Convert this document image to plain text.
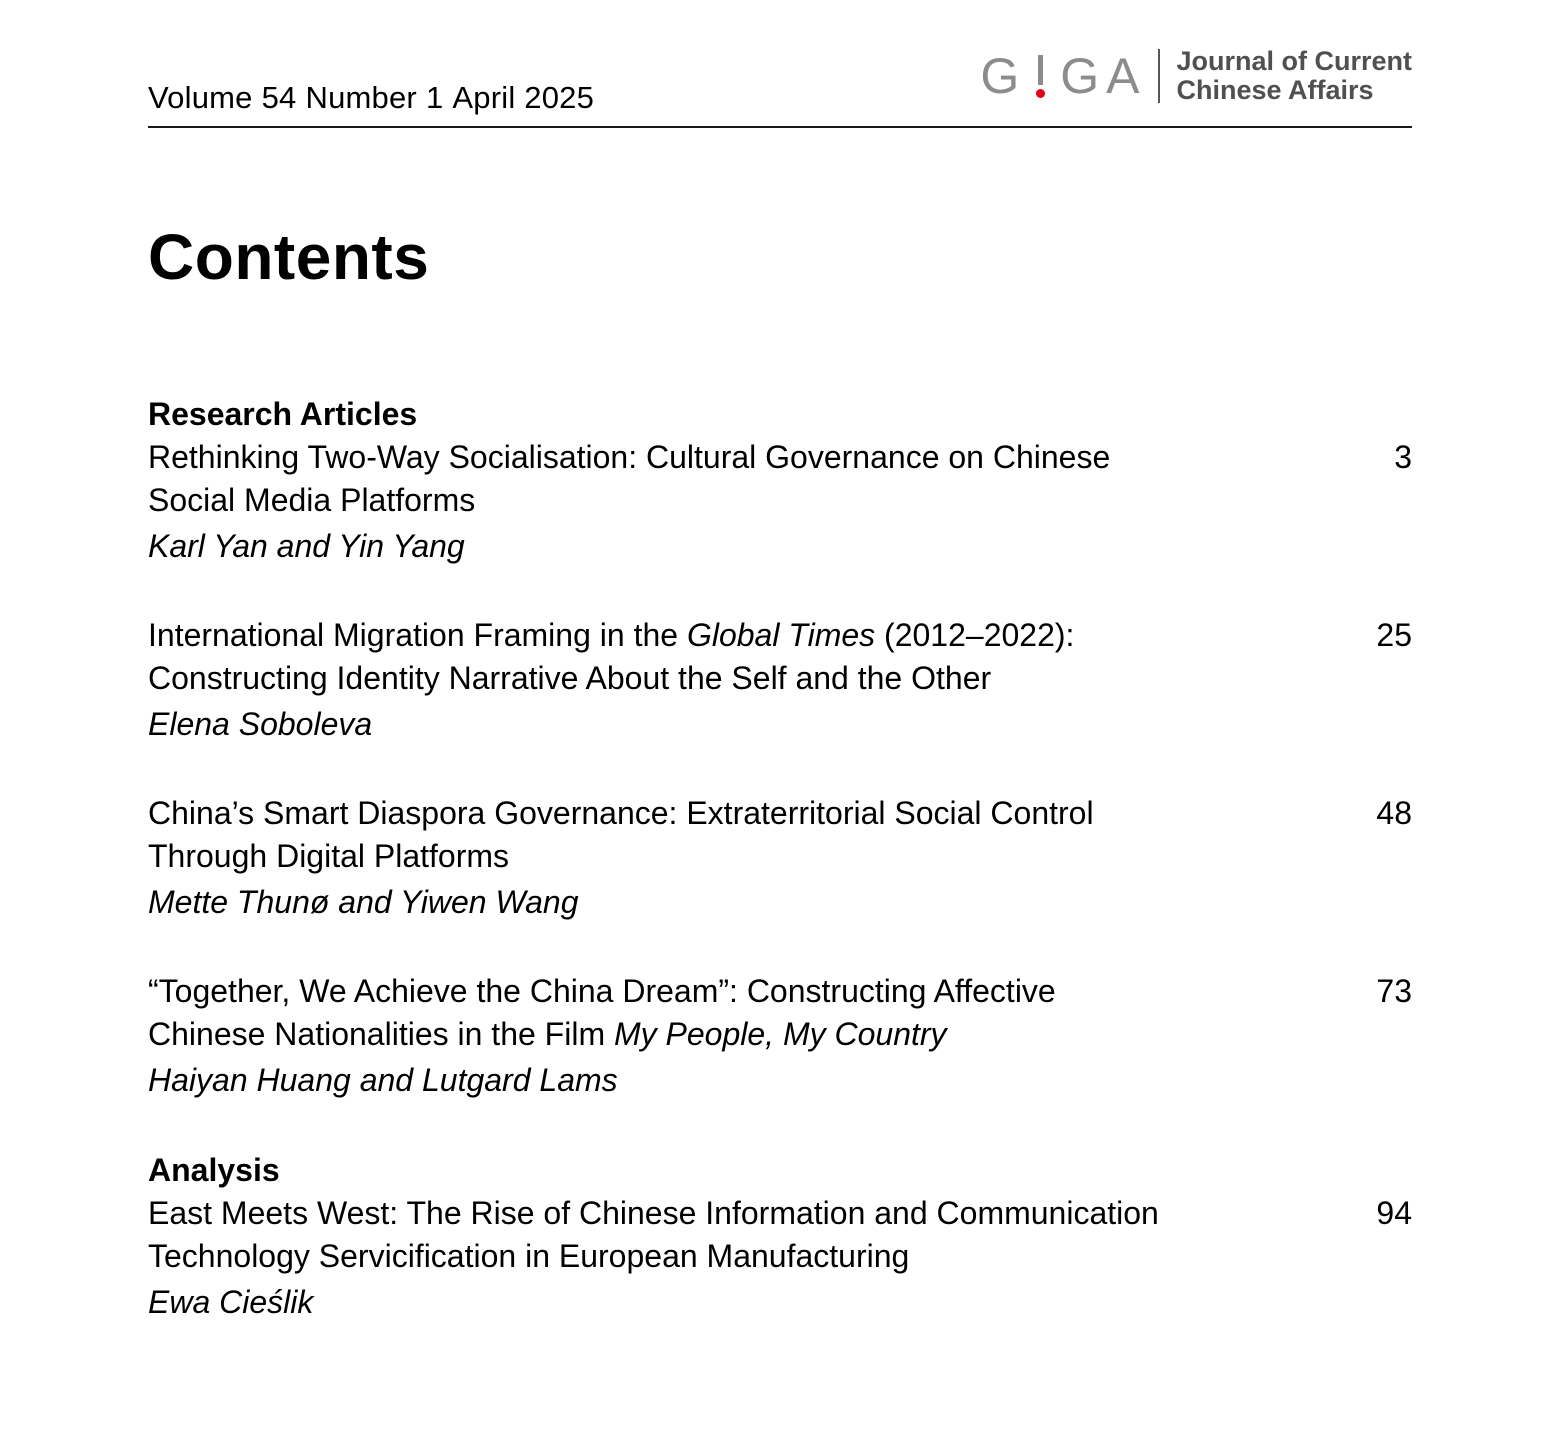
Volume 54 Number 1 April 2025	G G A Journal of Current
Chinese Affairs
Contents
Research Articles
Rethinking Two-Way Socialisation: Cultural Governance on Chinese
Social Media Platforms
Karl Yan and Yin Yang
3
International Migration Framing in the Global Times (2012–2022):
Constructing Identity Narrative About the Self and the Other
Elena Soboleva
25
China’s Smart Diaspora Governance: Extraterritorial Social Control
Through Digital Platforms
Mette Thunø and Yiwen Wang
48
“Together, We Achieve the China Dream”: Constructing Affective
Chinese Nationalities in the Film My People, My Country
Haiyan Huang and Lutgard Lams
73
Analysis
East Meets West: The Rise of Chinese Information and Communication
Technology Servicification in European Manufacturing
Ewa Cieślik
94
